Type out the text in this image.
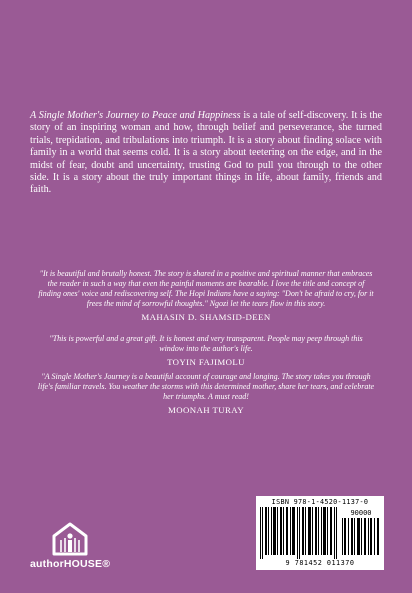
A Single Mother's Journey to Peace and Happiness is a tale of self-discovery. It is the story of an inspiring woman and how, through belief and perseverance, she turned trials, trepidation, and tribulations into triumph. It is a story about finding solace with family in a world that seems cold. It is a story about teetering on the edge, and in the midst of fear, doubt and uncertainty, trusting God to pull you through to the other side. It is a story about the truly important things in life, about family, friends and faith.

"It is beautiful and brutally honest. The story is shared in a positive and spiritual manner that embraces the reader in such a way that even the painful moments are bearable. I love the title and concept of finding ones' voice and rediscovering self. The Hopi Indians have a saying: "Don't be afraid to cry, for it frees the mind of sorrowful thoughts." Ngozi let the tears flow in this story.

MAHASIN D. SHAMSID-DEEN

"This is powerful and a great gift. It is honest and very transparent. People may peep through this window into the author's life.

TOYIN FAJIMOLU

"A Single Mother's Journey is a beautiful account of courage and longing. The story takes you through life's familiar travels. You weather the storms with this determined mother, share her tears, and celebrate her triumphs. A must read!

MOONAH TURAY

authorHOUSE®
ISBN 978-1-4520-1137-0
90000
9 781452 011370
